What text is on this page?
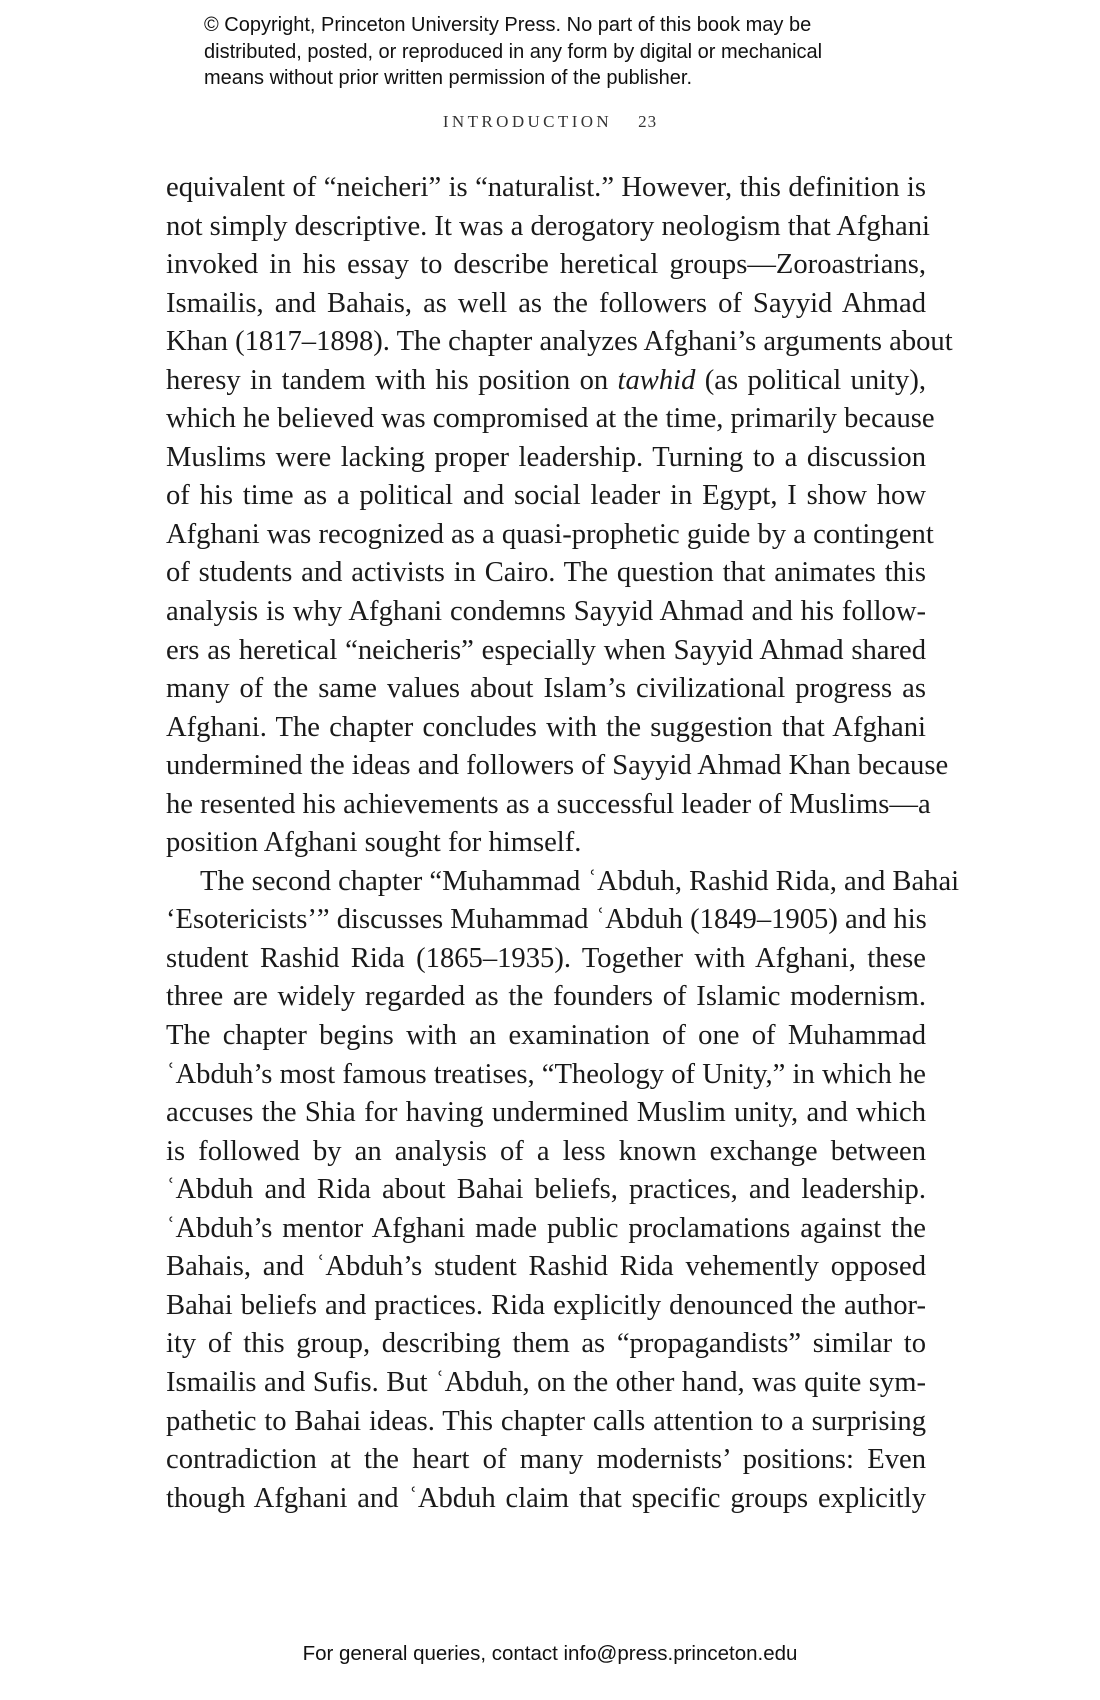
© Copyright, Princeton University Press. No part of this book may be
distributed, posted, or reproduced in any form by digital or mechanical
means without prior written permission of the publisher.
INTRODUCTION 23
equivalent of “neicheri” is “naturalist.” However, this definition is
not simply descriptive. It was a derogatory neologism that Afghani
invoked in his essay to describe heretical groups—Zoroastrians,
Ismailis, and Bahais, as well as the followers of Sayyid Ahmad
Khan (1817–1898). The chapter analyzes Afghani’s arguments about
heresy in tandem with his position on tawhid (as political unity),
which he believed was compromised at the time, primarily because
Muslims were lacking proper leadership. Turning to a discussion
of his time as a political and social leader in Egypt, I show how
Afghani was recognized as a quasi-prophetic guide by a contingent
of students and activists in Cairo. The question that animates this
analysis is why Afghani condemns Sayyid Ahmad and his follow-
ers as heretical “neicheris” especially when Sayyid Ahmad shared
many of the same values about Islam’s civilizational progress as
Afghani. The chapter concludes with the suggestion that Afghani
undermined the ideas and followers of Sayyid Ahmad Khan because
he resented his achievements as a successful leader of Muslims—a
position Afghani sought for himself.
The second chapter “Muhammad ʿAbduh, Rashid Rida, and Bahai
‘Esotericists’” discusses Muhammad ʿAbduh (1849–1905) and his
student Rashid Rida (1865–1935). Together with Afghani, these
three are widely regarded as the founders of Islamic modernism.
The chapter begins with an examination of one of Muhammad
ʿAbduh’s most famous treatises, “Theology of Unity,” in which he
accuses the Shia for having undermined Muslim unity, and which
is followed by an analysis of a less known exchange between
ʿAbduh and Rida about Bahai beliefs, practices, and leadership.
ʿAbduh’s mentor Afghani made public proclamations against the
Bahais, and ʿAbduh’s student Rashid Rida vehemently opposed
Bahai beliefs and practices. Rida explicitly denounced the author-
ity of this group, describing them as “propagandists” similar to
Ismailis and Sufis. But ʿAbduh, on the other hand, was quite sym-
pathetic to Bahai ideas. This chapter calls attention to a surprising
contradiction at the heart of many modernists’ positions: Even
though Afghani and ʿAbduh claim that specific groups explicitly
For general queries, contact info@press.princeton.edu
